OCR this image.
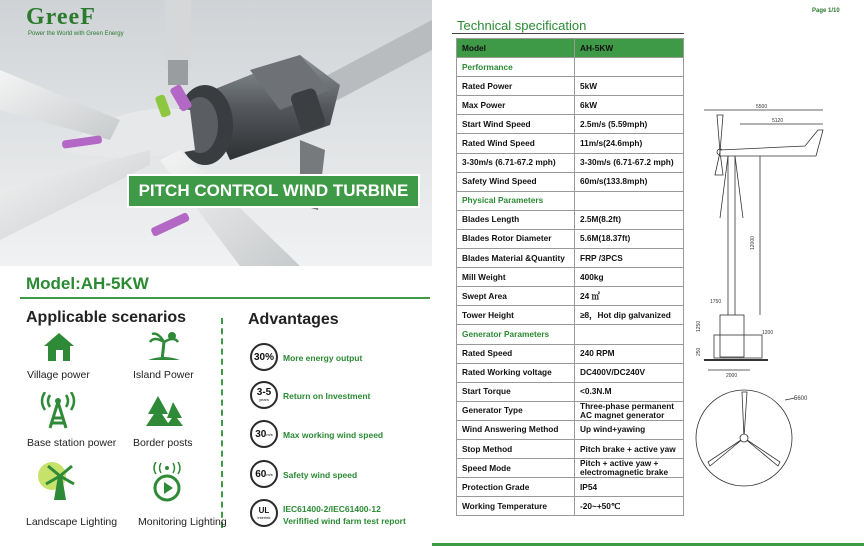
GreeF
Power the World with Green Energy
PITCH CONTROL WIND TURBINE
Model:AH-5KW
Applicable scenarios	Advantages
Village power	Island Power
Base station power Border posts
Landscape Lighting Monitoring Lighting
30%	More energy output
3-5
years Return on Investment
30 m/s Max working wind speed
60 m/s Safety wind speed
UL
intertek
IEC61400-2/IEC61400-12
Verifified wind farm test report
Page 1/10
Technical specification
Model	AH-5KW
Performance	
Rated Power	5kW
Max Power	6kW
Start Wind Speed	2.5m/s (5.59mph)
Rated Wind Speed	11m/s(24.6mph)
3-30m/s (6.71-67.2 mph)	3-30m/s (6.71-67.2 mph)
Safety Wind Speed	60m/s(133.8mph)
Physical Parameters	
Blades Length	2.5M(8.2ft)
Blades Rotor Diameter	5.6M(18.37ft)
Blades Material &Quantity	FRP /3PCS
Mill Weight	400kg
Swept Area	24 ㎡
Tower Height	≥8，Hot dip galvanized
Generator Parameters	
Rated Speed	240 RPM
Rated Working voltage	DC400V/DC240V
Start Torque	<0.3N.M
Generator Type	Three-phase permanent AC magnet generator
Wind Answering Method	Up wind+yawing
Stop Method	Pitch brake + active yaw
Speed Mode	Pitch + active yaw + electromagnetic brake
Protection Grade	IP54
Working Temperature	-20~+50℃
5500
5120
12000
1750
1250
250
1200
2000
5600
